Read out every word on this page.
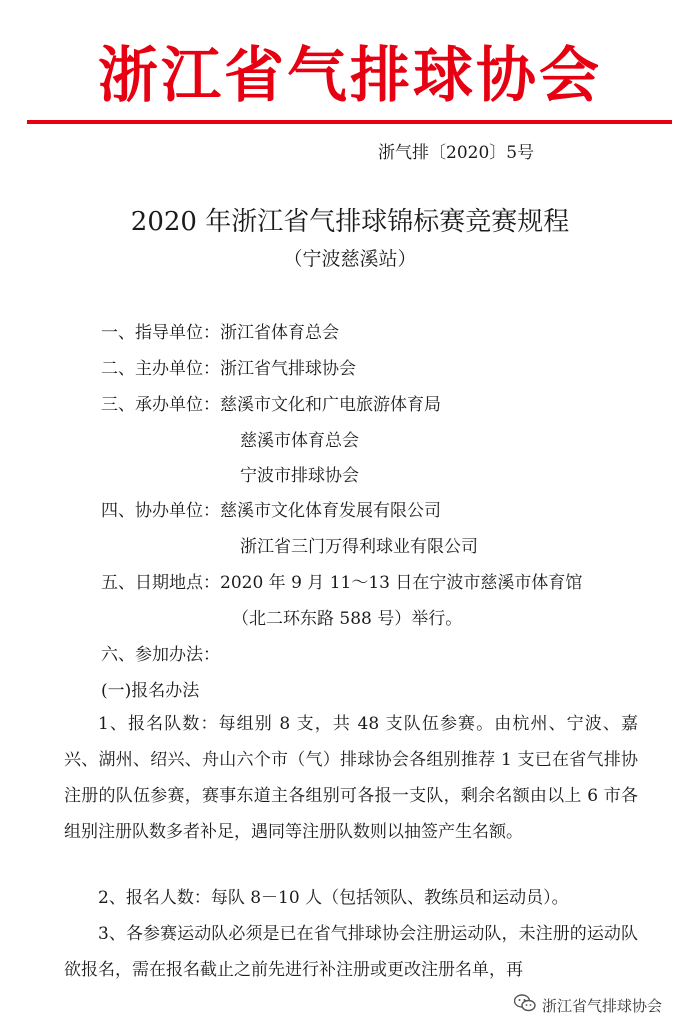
浙江省气排球协会
浙气排〔2020〕5号
2020 年浙江省气排球锦标赛竞赛规程
（宁波慈溪站）
一、指导单位：浙江省体育总会
二、主办单位：浙江省气排球协会
三、承办单位：慈溪市文化和广电旅游体育局
慈溪市体育总会
宁波市排球协会
四、协办单位：慈溪市文化体育发展有限公司
浙江省三门万得利球业有限公司
五、日期地点：2020 年 9 月 11～13 日在宁波市慈溪市体育馆
（北二环东路 588 号）举行。
六、参加办法：
(一)报名办法
1、报名队数：每组别 8 支，共 48 支队伍参赛。由杭州、宁波、嘉兴、湖州、绍兴、舟山六个市（气）排球协会各组别推荐 1 支已在省气排协注册的队伍参赛，赛事东道主各组别可各报一支队，剩余名额由以上 6 市各组别注册队数多者补足，遇同等注册队数则以抽签产生名额。
2、报名人数：每队 8－10 人（包括领队、教练员和运动员）。
3、各参赛运动队必须是已在省气排球协会注册运动队，未注册的运动队欲报名，需在报名截止之前先进行补注册或更改注册名单，再
浙江省气排球协会
